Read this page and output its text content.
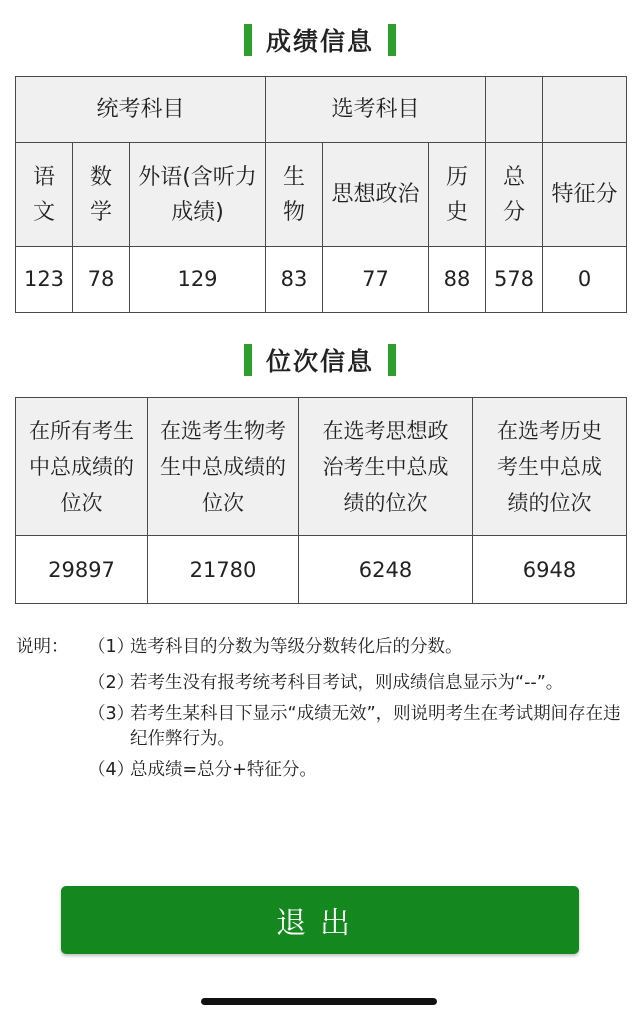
成绩信息
统考科目			选考科目				
语文	数学	外语(含听力成绩)	生物	思想政治	历史	总分	特征分
123	78	129	83	77	88	578	0
位次信息
在所有考生中总成绩的位次	在选考生物考生中总成绩的位次	在选考思想政治考生中总成绩的位次	在选考历史考生中总成绩的位次
29897	21780	6248	6948
说明：	（1）
选考科目的分数为等级分数转化后的分数。
（2）
若考生没有报考统考科目考试，则成绩信息显示为“--”。
（3）
若考生某科目下显示“成绩无效”，则说明考生在考试期间存在违纪作弊行为。
（4）
总成绩=总分+特征分。
退出
